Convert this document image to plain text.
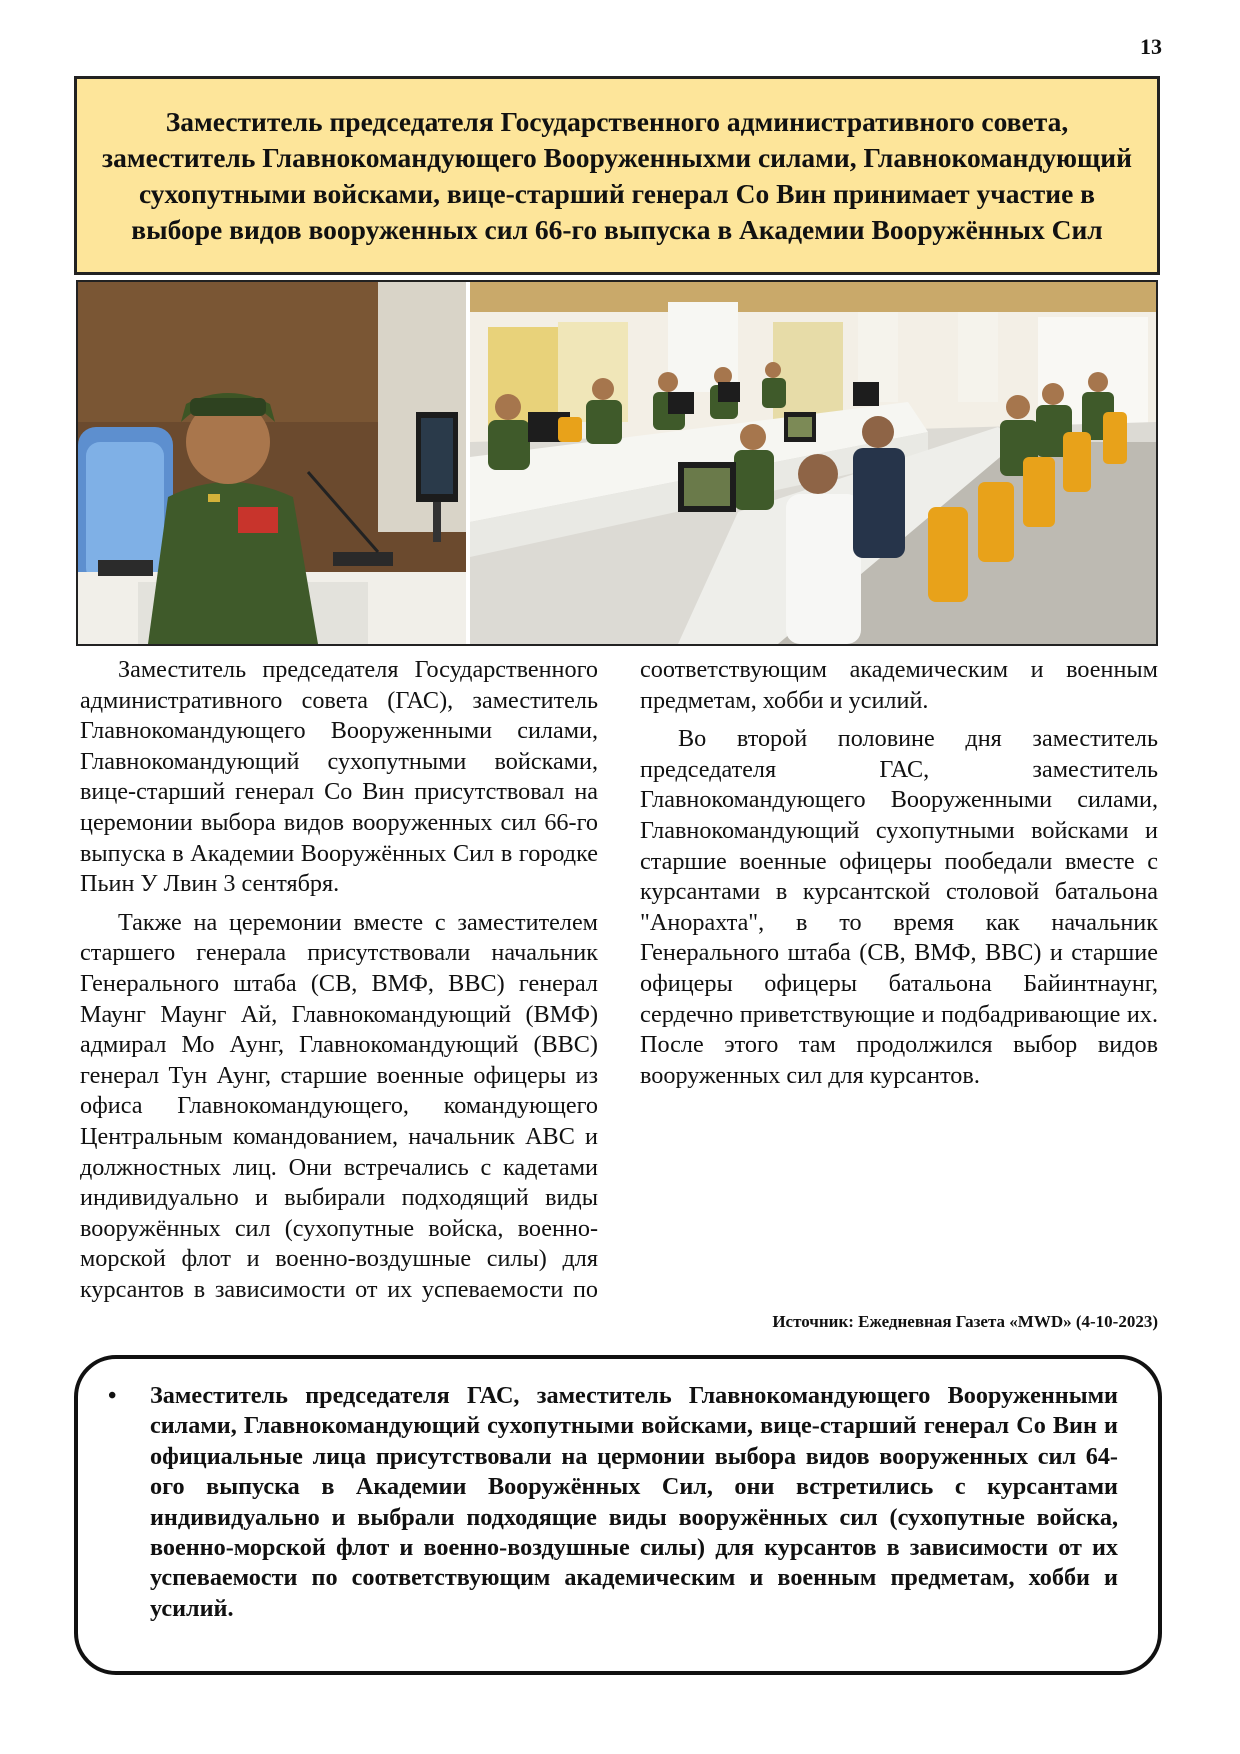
13
Заместитель председателя Государственного административного совета, заместитель Главнокомандующего Вооруженныхми силами, Главнокомандующий сухопутными войсками, вице-старший генерал Со Вин принимает участие в выборе видов вооруженных сил 66-го выпуска в Академии Вооружённых Сил

Заместитель председателя Государственного административного совета (ГАС), заместитель Главнокомандующего Вооруженными силами, Главнокомандующий сухопутными войсками, вице-старший генерал Со Вин присутствовал на церемонии выбора видов вооруженных сил 66-го выпуска в Академии Вооружённых Сил в городке Пьин У Лвин 3 сентября.

Также на церемонии вместе с заместителем старшего генерала присутствовали начальник Генерального штаба (СВ, ВМФ, ВВС) генерал Маунг Маунг Ай, Главнокомандующий (ВМФ) адмирал Мо Аунг, Главнокомандующий (ВВС) генерал Тун Аунг, старшие военные офицеры из офиса Главнокомандующего, командующего Центральным командованием, начальник АВС и должностных лиц. Они встречались с кадетами индивидуально и выбирали подходящий виды вооружённых сил (сухопутные войска, военно-морской флот и военно-воздушные силы) для курсантов в зависимости от их успеваемости по соответствующим академическим и военным предметам, хобби и усилий.

Во второй половине дня заместитель председателя ГАС, заместитель Главнокомандующего Вооруженными силами, Главнокомандующий сухопутными войсками и старшие военные офицеры пообедали вместе с курсантами в курсантской столовой батальона "Анорахта", в то время как начальник Генерального штаба (СВ, ВМФ, ВВС) и старшие офицеры офицеры батальона Байинтнаунг, сердечно приветствующие и подбадривающие их. После этого там продолжился выбор видов вооруженных сил для курсантов.

Источник: Ежедневная Газета «MWD» (4-10-2023)
• Заместитель председателя ГАС, заместитель Главнокомандующего Вооруженными силами, Главнокомандующий сухопутными войсками, вице-старший генерал Со Вин и официальные лица присутствовали на цермонии выбора видов вооруженных сил 64-ого выпуска в Академии Вооружённых Сил, они встретились с курсантами индивидуально и выбрали подходящие виды вооружённых сил (сухопутные войска, военно-морской флот и военно-воздушные силы) для курсантов в зависимости от их успеваемости по соответствующим академическим и военным предметам, хобби и усилий.
